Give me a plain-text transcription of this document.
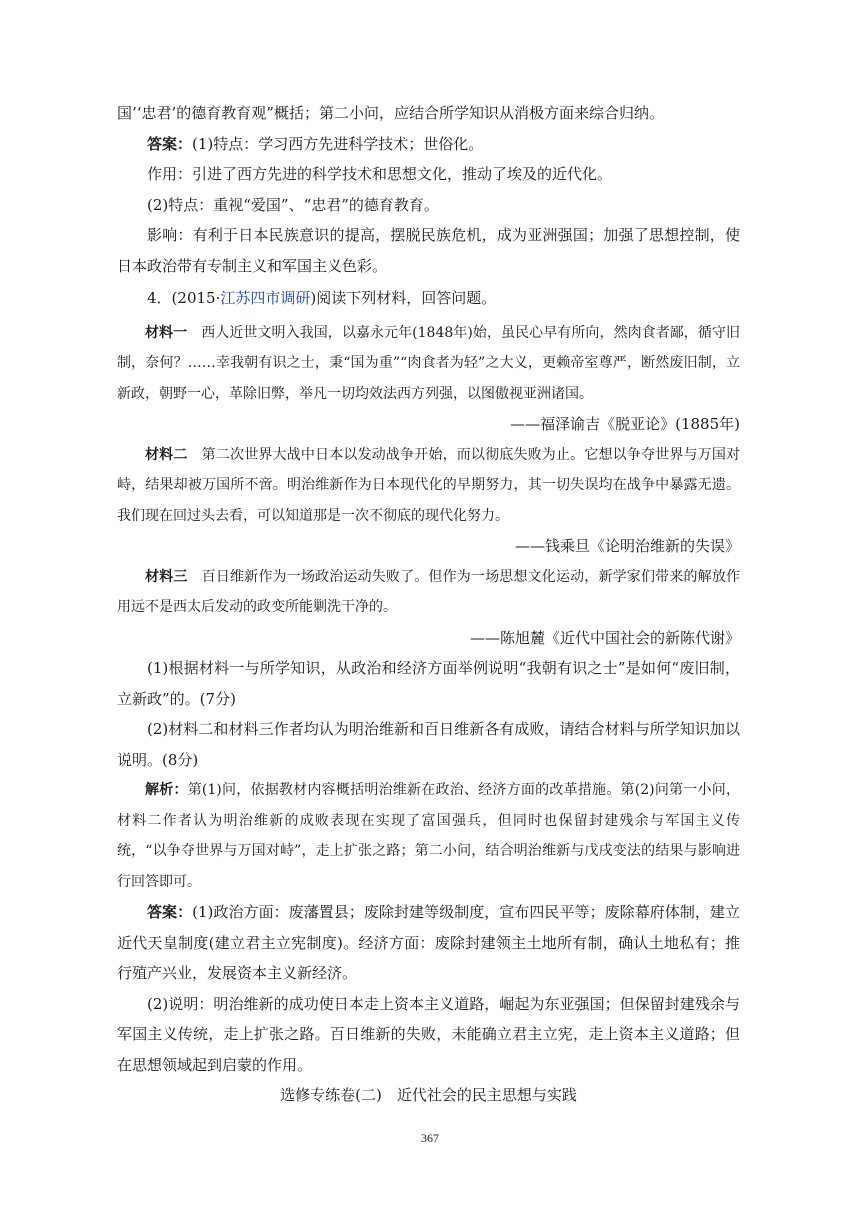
国’‘忠君’的德育教育观”概括；第二小问，应结合所学知识从消极方面来综合归纳。

答案：(1)特点：学习西方先进科学技术；世俗化。

作用：引进了西方先进的科学技术和思想文化，推动了埃及的近代化。

(2)特点：重视“爱国”、“忠君”的德育教育。

影响：有利于日本民族意识的提高，摆脱民族危机，成为亚洲强国；加强了思想控制，使日本政治带有专制主义和军国主义色彩。

4．(2015·江苏四市调研)阅读下列材料，回答问题。

材料一　西人近世文明入我国，以嘉永元年(1848年)始，虽民心早有所向，然肉食者鄙，循守旧制，奈何？……幸我朝有识之士，秉“国为重”“肉食者为轻”之大义，更赖帝室尊严，断然废旧制，立新政，朝野一心，革除旧弊，举凡一切均效法西方列强，以图傲视亚洲诸国。

——福泽谕吉《脱亚论》(1885年)

材料二　第二次世界大战中日本以发动战争开始，而以彻底失败为止。它想以争夺世界与万国对峙，结果却被万国所不啻。明治维新作为日本现代化的早期努力，其一切失误均在战争中暴露无遗。我们现在回过头去看，可以知道那是一次不彻底的现代化努力。

——钱乘旦《论明治维新的失误》

材料三　百日维新作为一场政治运动失败了。但作为一场思想文化运动，新学家们带来的解放作用远不是西太后发动的政变所能剿洗干净的。

——陈旭麓《近代中国社会的新陈代谢》

(1)根据材料一与所学知识，从政治和经济方面举例说明“我朝有识之士”是如何“废旧制，立新政”的。(7分)

(2)材料二和材料三作者均认为明治维新和百日维新各有成败，请结合材料与所学知识加以说明。(8分)

解析：第(1)问，依据教材内容概括明治维新在政治、经济方面的改革措施。第(2)问第一小问，材料二作者认为明治维新的成败表现在实现了富国强兵，但同时也保留封建残余与军国主义传统，“以争夺世界与万国对峙”，走上扩张之路；第二小问，结合明治维新与戊戌变法的结果与影响进行回答即可。

答案：(1)政治方面：废藩置县；废除封建等级制度，宣布四民平等；废除幕府体制，建立近代天皇制度(建立君主立宪制度)。经济方面：废除封建领主土地所有制，确认土地私有；推行殖产兴业，发展资本主义新经济。

(2)说明：明治维新的成功使日本走上资本主义道路，崛起为东亚强国；但保留封建残余与军国主义传统，走上扩张之路。百日维新的失败，未能确立君主立宪，走上资本主义道路；但在思想领域起到启蒙的作用。

选修专练卷(二)　近代社会的民主思想与实践

367
